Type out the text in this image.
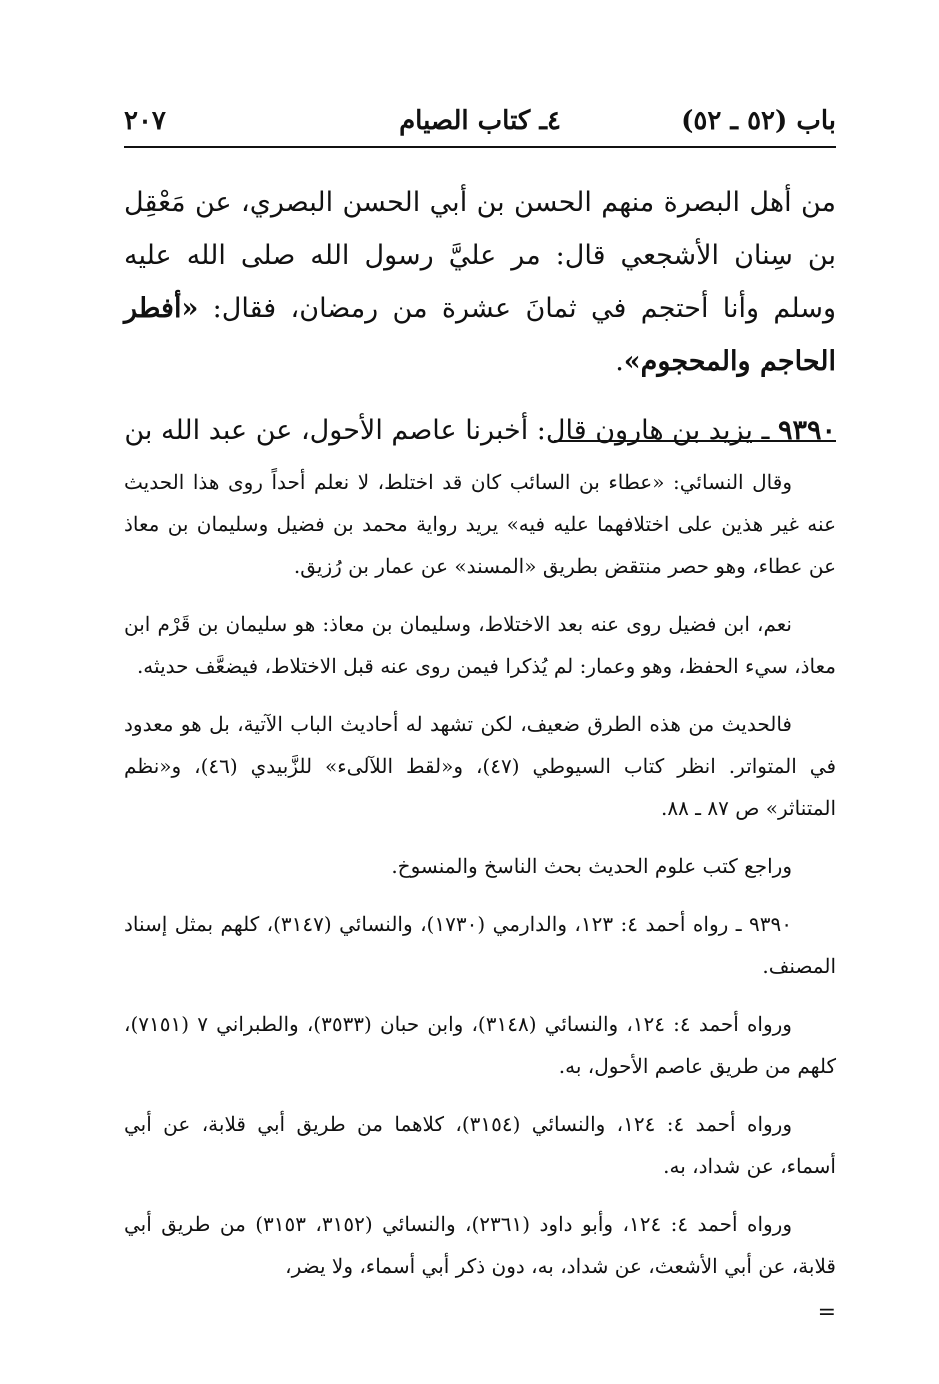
باب (٥٢ ـ ٥٢)
٤ـ كتاب الصيام
٢٠٧

من أهل البصرة منهم الحسن بن أبي الحسن البصري، عن مَعْقِل بن سِنان الأشجعي قال: مر عليَّ رسول الله صلى الله عليه وسلم وأنا أحتجم في ثمانَ عشرة من رمضان، فقال: «أفطر الحاجم والمحجوم».

٩٣٩٠ ـ يزيد بن هارون قال: أخبرنا عاصم الأحول، عن عبد الله بن

وقال النسائي: «عطاء بن السائب كان قد اختلط، لا نعلم أحداً روى هذا الحديث عنه غير هذين على اختلافهما عليه فيه» يريد رواية محمد بن فضيل وسليمان بن معاذ عن عطاء، وهو حصر منتقض بطريق «المسند» عن عمار بن رُزيق.

نعم، ابن فضيل روى عنه بعد الاختلاط، وسليمان بن معاذ: هو سليمان بن قَرْم ابن معاذ، سيء الحفظ، وهو وعمار: لم يُذكرا فيمن روى عنه قبل الاختلاط، فيضعَّف حديثه.

فالحديث من هذه الطرق ضعيف، لكن تشهد له أحاديث الباب الآتية، بل هو معدود في المتواتر. انظر كتاب السيوطي (٤٧)، و«لقط اللآلىء» للزَّبيدي (٤٦)، و«نظم المتناثر» ص ٨٧ ـ ٨٨.

وراجع كتب علوم الحديث بحث الناسخ والمنسوخ.

٩٣٩٠ ـ رواه أحمد ٤: ١٢٣، والدارمي (١٧٣٠)، والنسائي (٣١٤٧)، كلهم بمثل إسناد المصنف.

ورواه أحمد ٤: ١٢٤، والنسائي (٣١٤٨)، وابن حبان (٣٥٣٣)، والطبراني ٧ (٧١٥١)، كلهم من طريق عاصم الأحول، به.

ورواه أحمد ٤: ١٢٤، والنسائي (٣١٥٤)، كلاهما من طريق أبي قلابة، عن أبي أسماء، عن شداد، به.

ورواه أحمد ٤: ١٢٤، وأبو داود (٢٣٦١)، والنسائي (٣١٥٢، ٣١٥٣) من طريق أبي قلابة، عن أبي الأشعث، عن شداد، به، دون ذكر أبي أسماء، ولا يضر،

=
